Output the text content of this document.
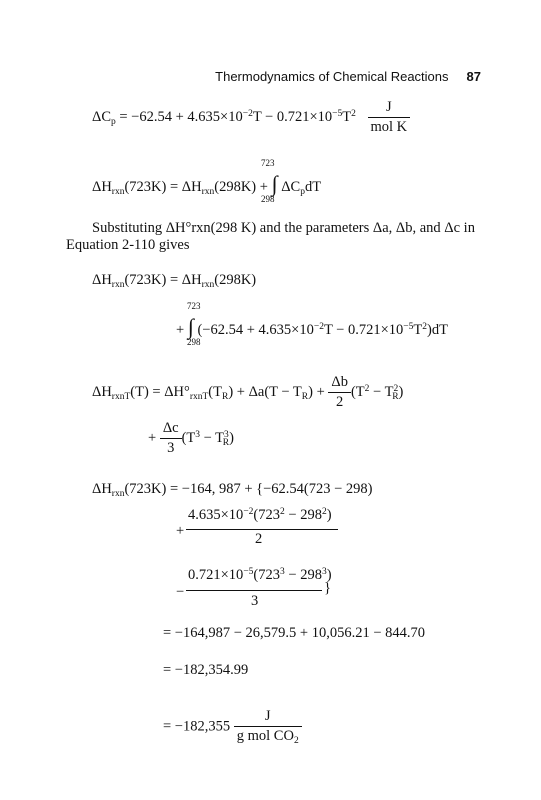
Thermodynamics of Chemical Reactions 87
$\Delta C_p = -62.54 + 4.635\times 10^{-2}T - 0.721\times 10^{-5}T^2 \frac{J}{\text{mol K}}$
723
$\Delta H_{rxn}(723K) = \Delta H_{rxn}(298K)$ + ∫ $\Delta C_pdT$
298
Substituting ΔH°rxn(298 K) and the parameters Δa, Δb, and Δc in
Equation 2-110 gives
$\Delta H_{rxn}(723K) = \Delta H_{rxn}(298K)$
723
+ ∫ $(-62.54 + 4.635\times 10^{-2}T - 0.721\times 10^{-5}T^2)dT$
298
$\Delta H_{rxnT}(T) = \Delta H^\circ_{rxnT}(T_R) + \Delta a(T - T_R) + \frac{\Delta b}{2} (T^2 - T^2_R)$
+ $\frac{\Delta c}{3} (T^3 - T^3_R)$
$\Delta H_{rxn}(723K) = -164$, 987 + {−62.54(723 − 298)
+
$4.635\times 10^{-2}(723^2 - 298^2)$
2
−
$0.721\times 10^{-5}(723^3 - 298^3)$
}
3
= −164,987 − 26,579.5 + 10,056.21 − 844.70
= −182,354.99
= $-182,355 \frac{J}{g mol CO_2}$
